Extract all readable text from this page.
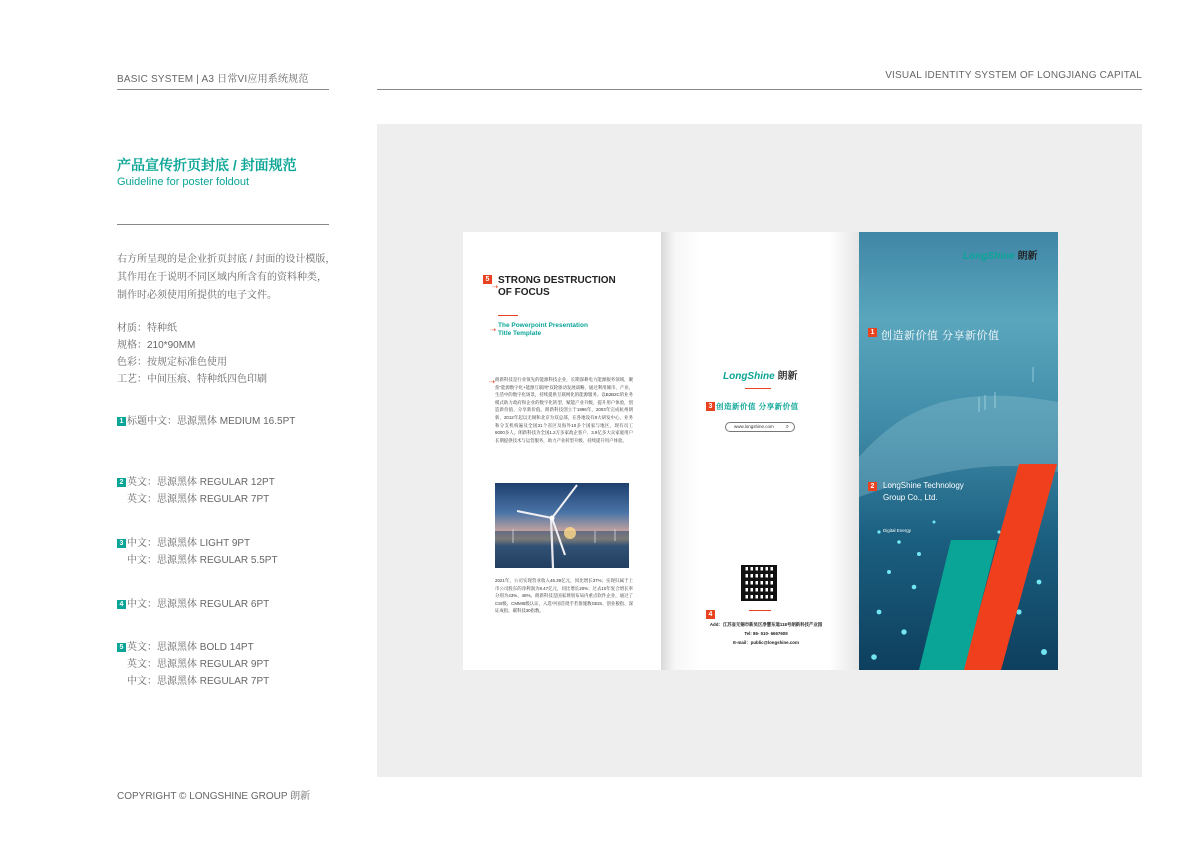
BASIC SYSTEM | A3 日常VI应用系统规范	VISUAL IDENTITY SYSTEM OF LONGJIANG CAPITAL
产品宣传折页封底 / 封面规范
Guideline for poster foldout

右方所呈现的是企业折页封底 / 封面的设计模版，

其作用在于说明不同区域内所含有的资料种类，

制作时必须使用所提供的电子文件。

材质：特种纸
规格：210*90MM
色彩：按规定标准色使用
工艺：中间压痕、特种纸四色印刷
1 标题中文：思源黑体 MEDIUM 16.5PT
2 英文：思源黑体 REGULAR 12PT
英文：思源黑体 REGULAR 7PT
3 中文：思源黑体 LIGHT 9PT
中文：思源黑体 REGULAR 5.5PT
4 中文：思源黑体 REGULAR 6PT
5 英文：思源黑体 BOLD 14PT
英文：思源黑体 REGULAR 9PT
中文：思源黑体 REGULAR 7PT
COPYRIGHT © LONGSHINE GROUP 朗新
5
⇢
STRONG DESTRUCTION
OF FOCUS
⇢
The Powerpoint Presentation
Title Template
⇢ 朗新科技是行业领先的能源科技企业，长期深耕电力能源服务领域，聚焦"能源数字化+能源互联网"双轮驱动发展战略，通过利用城市、产业、生活中的数字化场景，持续提供互联网化的能源服务。以B2B2C的业务模式助力政府和企业的数字化转型，赋能产业升级，提升用户体验，创造新价值、分享新价值。朗新科技创立于1996年，2003年完成杭州朗新，2012年起以无锡和北京为双总部，在各地设有8大研发中心，业务和分支机构遍及全国31个省区及海外10多个国家与地区，现有员工6000多人。朗新科技为全国1.2万多家政企客户、3.9亿多大众家庭用户长期提供技术与运营服务，助力产业转型升级、持续提升用户体验。
2021年，公司实现营业收入46.39亿元，同比增长37%；实现归属于上市公司股东的净利润为8.47亿元，同比增长20%；过去10年复合增长率分别为43%、48%。朗新科技是国家规划布局内重点软件企业，通过了CSI级、CMMI5级认证，入选中国首批手若推施数GEIS、创业板指、深证成指、碳科技30指数。
LongShine 朗新
3 创造新价值 分享新价值
www.longshine.com ⌕
4
Add：江苏省无锡市新吴区净慧东道118号朗新科技产业园
Tel: 86- 510- 6667609
E-mail：public@longshine.com
LongShine 朗新
1 创造新价值 分享新价值
2	LongShine Technology
Group Co., Ltd.
Digital Energy
